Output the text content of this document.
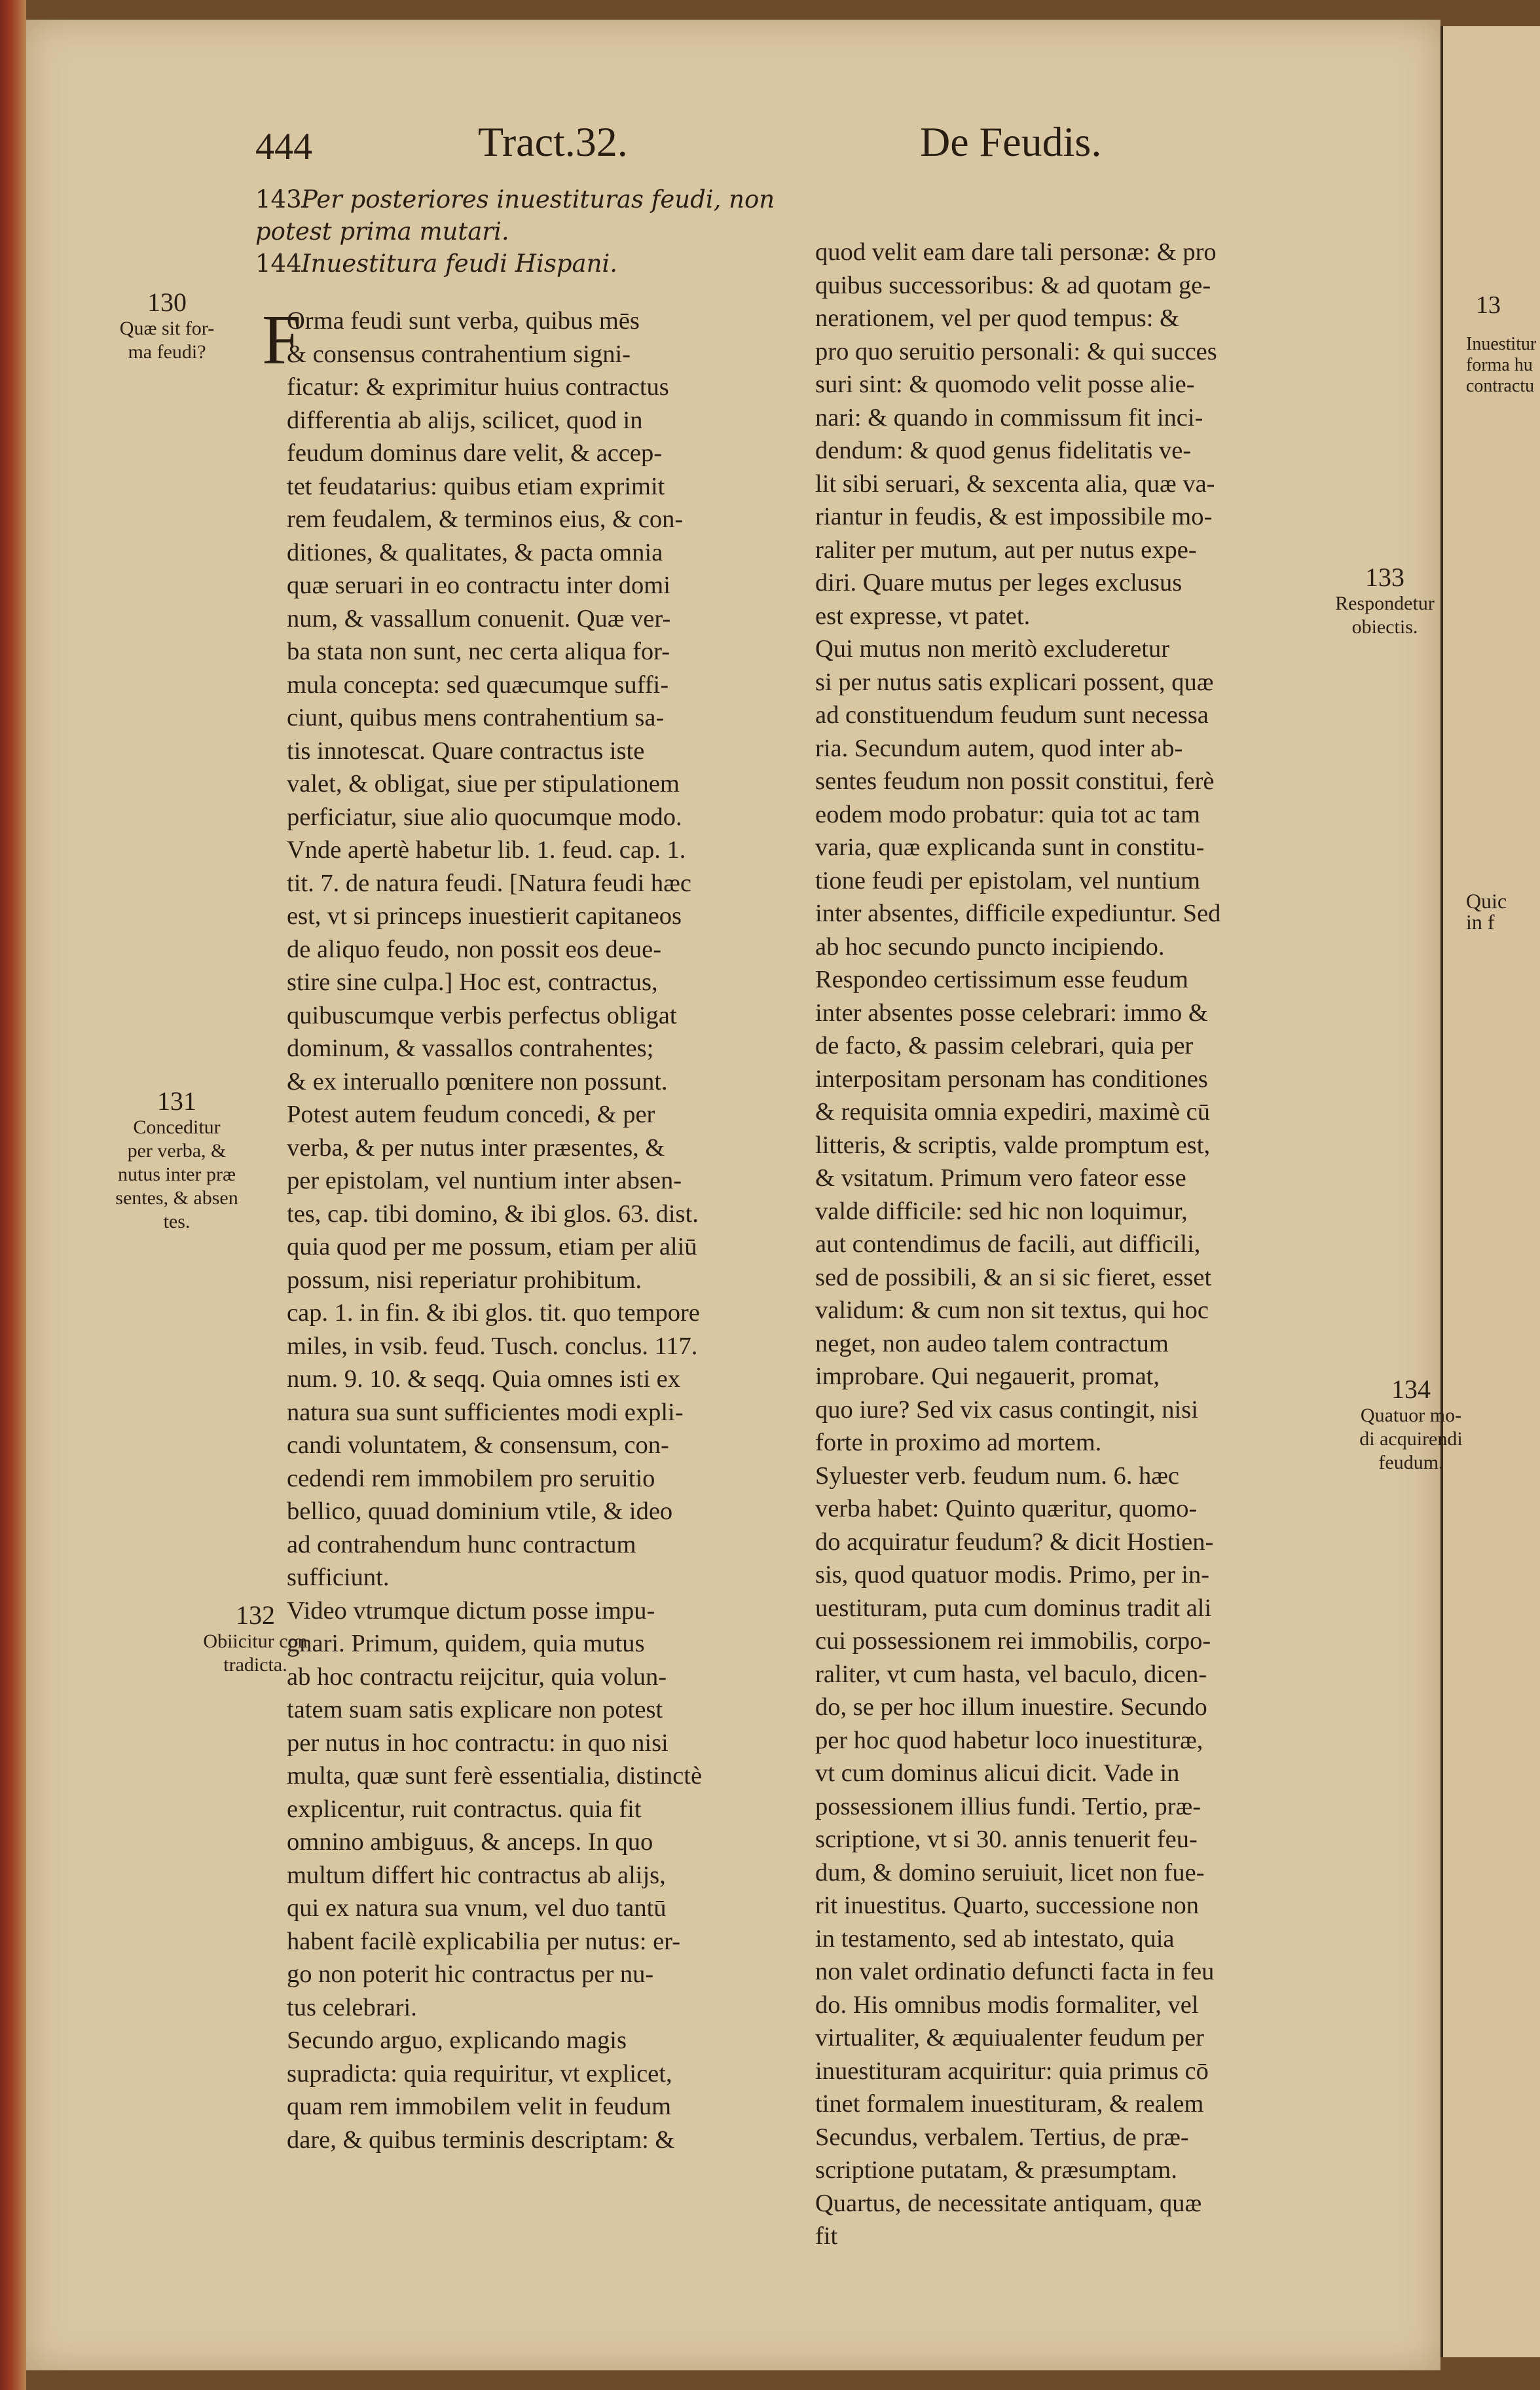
13
Inuestitur
forma hu
contractu
Quic
in f
444	Tract.32.	De Feudis.
143Per posteriores inuestituras feudi, non potest prima mutari.
144Inuestitura feudi Hispani.
F
Orma feudi sunt verba, quibus mēs
& consensus contrahentium signi-
ficatur: & exprimitur huius contractus
differentia ab alijs, scilicet, quod in
feudum dominus dare velit, & accep-
tet feudatarius: quibus etiam exprimit
rem feudalem, & terminos eius, & con-
ditiones, & qualitates, & pacta omnia
quæ seruari in eo contractu inter domi
num, & vassallum conuenit. Quæ ver-
ba stata non sunt, nec certa aliqua for-
mula concepta: sed quæcumque suffi-
ciunt, quibus mens contrahentium sa-
tis innotescat. Quare contractus iste
valet, & obligat, siue per stipulationem
perficiatur, siue alio quocumque modo.
Vnde apertè habetur lib. 1. feud. cap. 1.
tit. 7. de natura feudi. [Natura feudi hæc
est, vt si princeps inuestierit capitaneos
de aliquo feudo, non possit eos deue-
stire sine culpa.] Hoc est, contractus,
quibuscumque verbis perfectus obligat
dominum, & vassallos contrahentes;
& ex interuallo pœnitere non possunt.
Potest autem feudum concedi, & per
verba, & per nutus inter præsentes, &
per epistolam, vel nuntium inter absen-
tes, cap. tibi domino, & ibi glos. 63. dist.
quia quod per me possum, etiam per aliū
possum, nisi reperiatur prohibitum.
cap. 1. in fin. & ibi glos. tit. quo tempore
miles, in vsib. feud. Tusch. conclus. 117.
num. 9. 10. & seqq. Quia omnes isti ex
natura sua sunt sufficientes modi expli-
candi voluntatem, & consensum, con-
cedendi rem immobilem pro seruitio
bellico, quuad dominium vtile, & ideo
ad contrahendum hunc contractum
sufficiunt.
Video vtrumque dictum posse impu-
gnari. Primum, quidem, quia mutus
ab hoc contractu reijcitur, quia volun-
tatem suam satis explicare non potest
per nutus in hoc contractu: in quo nisi
multa, quæ sunt ferè essentialia, distinctè
explicentur, ruit contractus. quia fit
omnino ambiguus, & anceps. In quo
multum differt hic contractus ab alijs,
qui ex natura sua vnum, vel duo tantū
habent facilè explicabilia per nutus: er-
go non poterit hic contractus per nu-
tus celebrari.
Secundo arguo, explicando magis
supradicta: quia requiritur, vt explicet,
quam rem immobilem velit in feudum
dare, & quibus terminis descriptam: &
quod velit eam dare tali personæ: & pro
quibus successoribus: & ad quotam ge-
nerationem, vel per quod tempus: &
pro quo seruitio personali: & qui succes
suri sint: & quomodo velit posse alie-
nari: & quando in commissum fit inci-
dendum: & quod genus fidelitatis ve-
lit sibi seruari, & sexcenta alia, quæ va-
riantur in feudis, & est impossibile mo-
raliter per mutum, aut per nutus expe-
diri. Quare mutus per leges exclusus
est expresse, vt patet.
Qui mutus non meritò excluderetur
si per nutus satis explicari possent, quæ
ad constituendum feudum sunt necessa
ria. Secundum autem, quod inter ab-
sentes feudum non possit constitui, ferè
eodem modo probatur: quia tot ac tam
varia, quæ explicanda sunt in constitu-
tione feudi per epistolam, vel nuntium
inter absentes, difficile expediuntur. Sed
ab hoc secundo puncto incipiendo.
Respondeo certissimum esse feudum
inter absentes posse celebrari: immo &
de facto, & passim celebrari, quia per
interpositam personam has conditiones
& requisita omnia expediri, maximè cū
litteris, & scriptis, valde promptum est,
& vsitatum. Primum vero fateor esse
valde difficile: sed hic non loquimur,
aut contendimus de facili, aut difficili,
sed de possibili, & an si sic fieret, esset
validum: & cum non sit textus, qui hoc
neget, non audeo talem contractum
improbare. Qui negauerit, promat,
quo iure? Sed vix casus contingit, nisi
forte in proximo ad mortem.
Syluester verb. feudum num. 6. hæc
verba habet: Quinto quæritur, quomo-
do acquiratur feudum? & dicit Hostien-
sis, quod quatuor modis. Primo, per in-
uestituram, puta cum dominus tradit ali
cui possessionem rei immobilis, corpo-
raliter, vt cum hasta, vel baculo, dicen-
do, se per hoc illum inuestire. Secundo
per hoc quod habetur loco inuestituræ,
vt cum dominus alicui dicit. Vade in
possessionem illius fundi. Tertio, præ-
scriptione, vt si 30. annis tenuerit feu-
dum, & domino seruiuit, licet non fue-
rit inuestitus. Quarto, successione non
in testamento, sed ab intestato, quia
non valet ordinatio defuncti facta in feu
do. His omnibus modis formaliter, vel
virtualiter, & æquiualenter feudum per
inuestituram acquiritur: quia primus cō
tinet formalem inuestituram, & realem
Secundus, verbalem. Tertius, de præ-
scriptione putatam, & præsumptam.
Quartus, de necessitate antiquam, quæ
fit
130
Quæ sit for-
ma feudi?
131
Conceditur
per verba, &
nutus inter præ
sentes, & absen
tes.
132
Obiicitur con
tradicta.
133
Respondetur
obiectis.
134
Quatuor mo-
di acquirendi
feudum.
